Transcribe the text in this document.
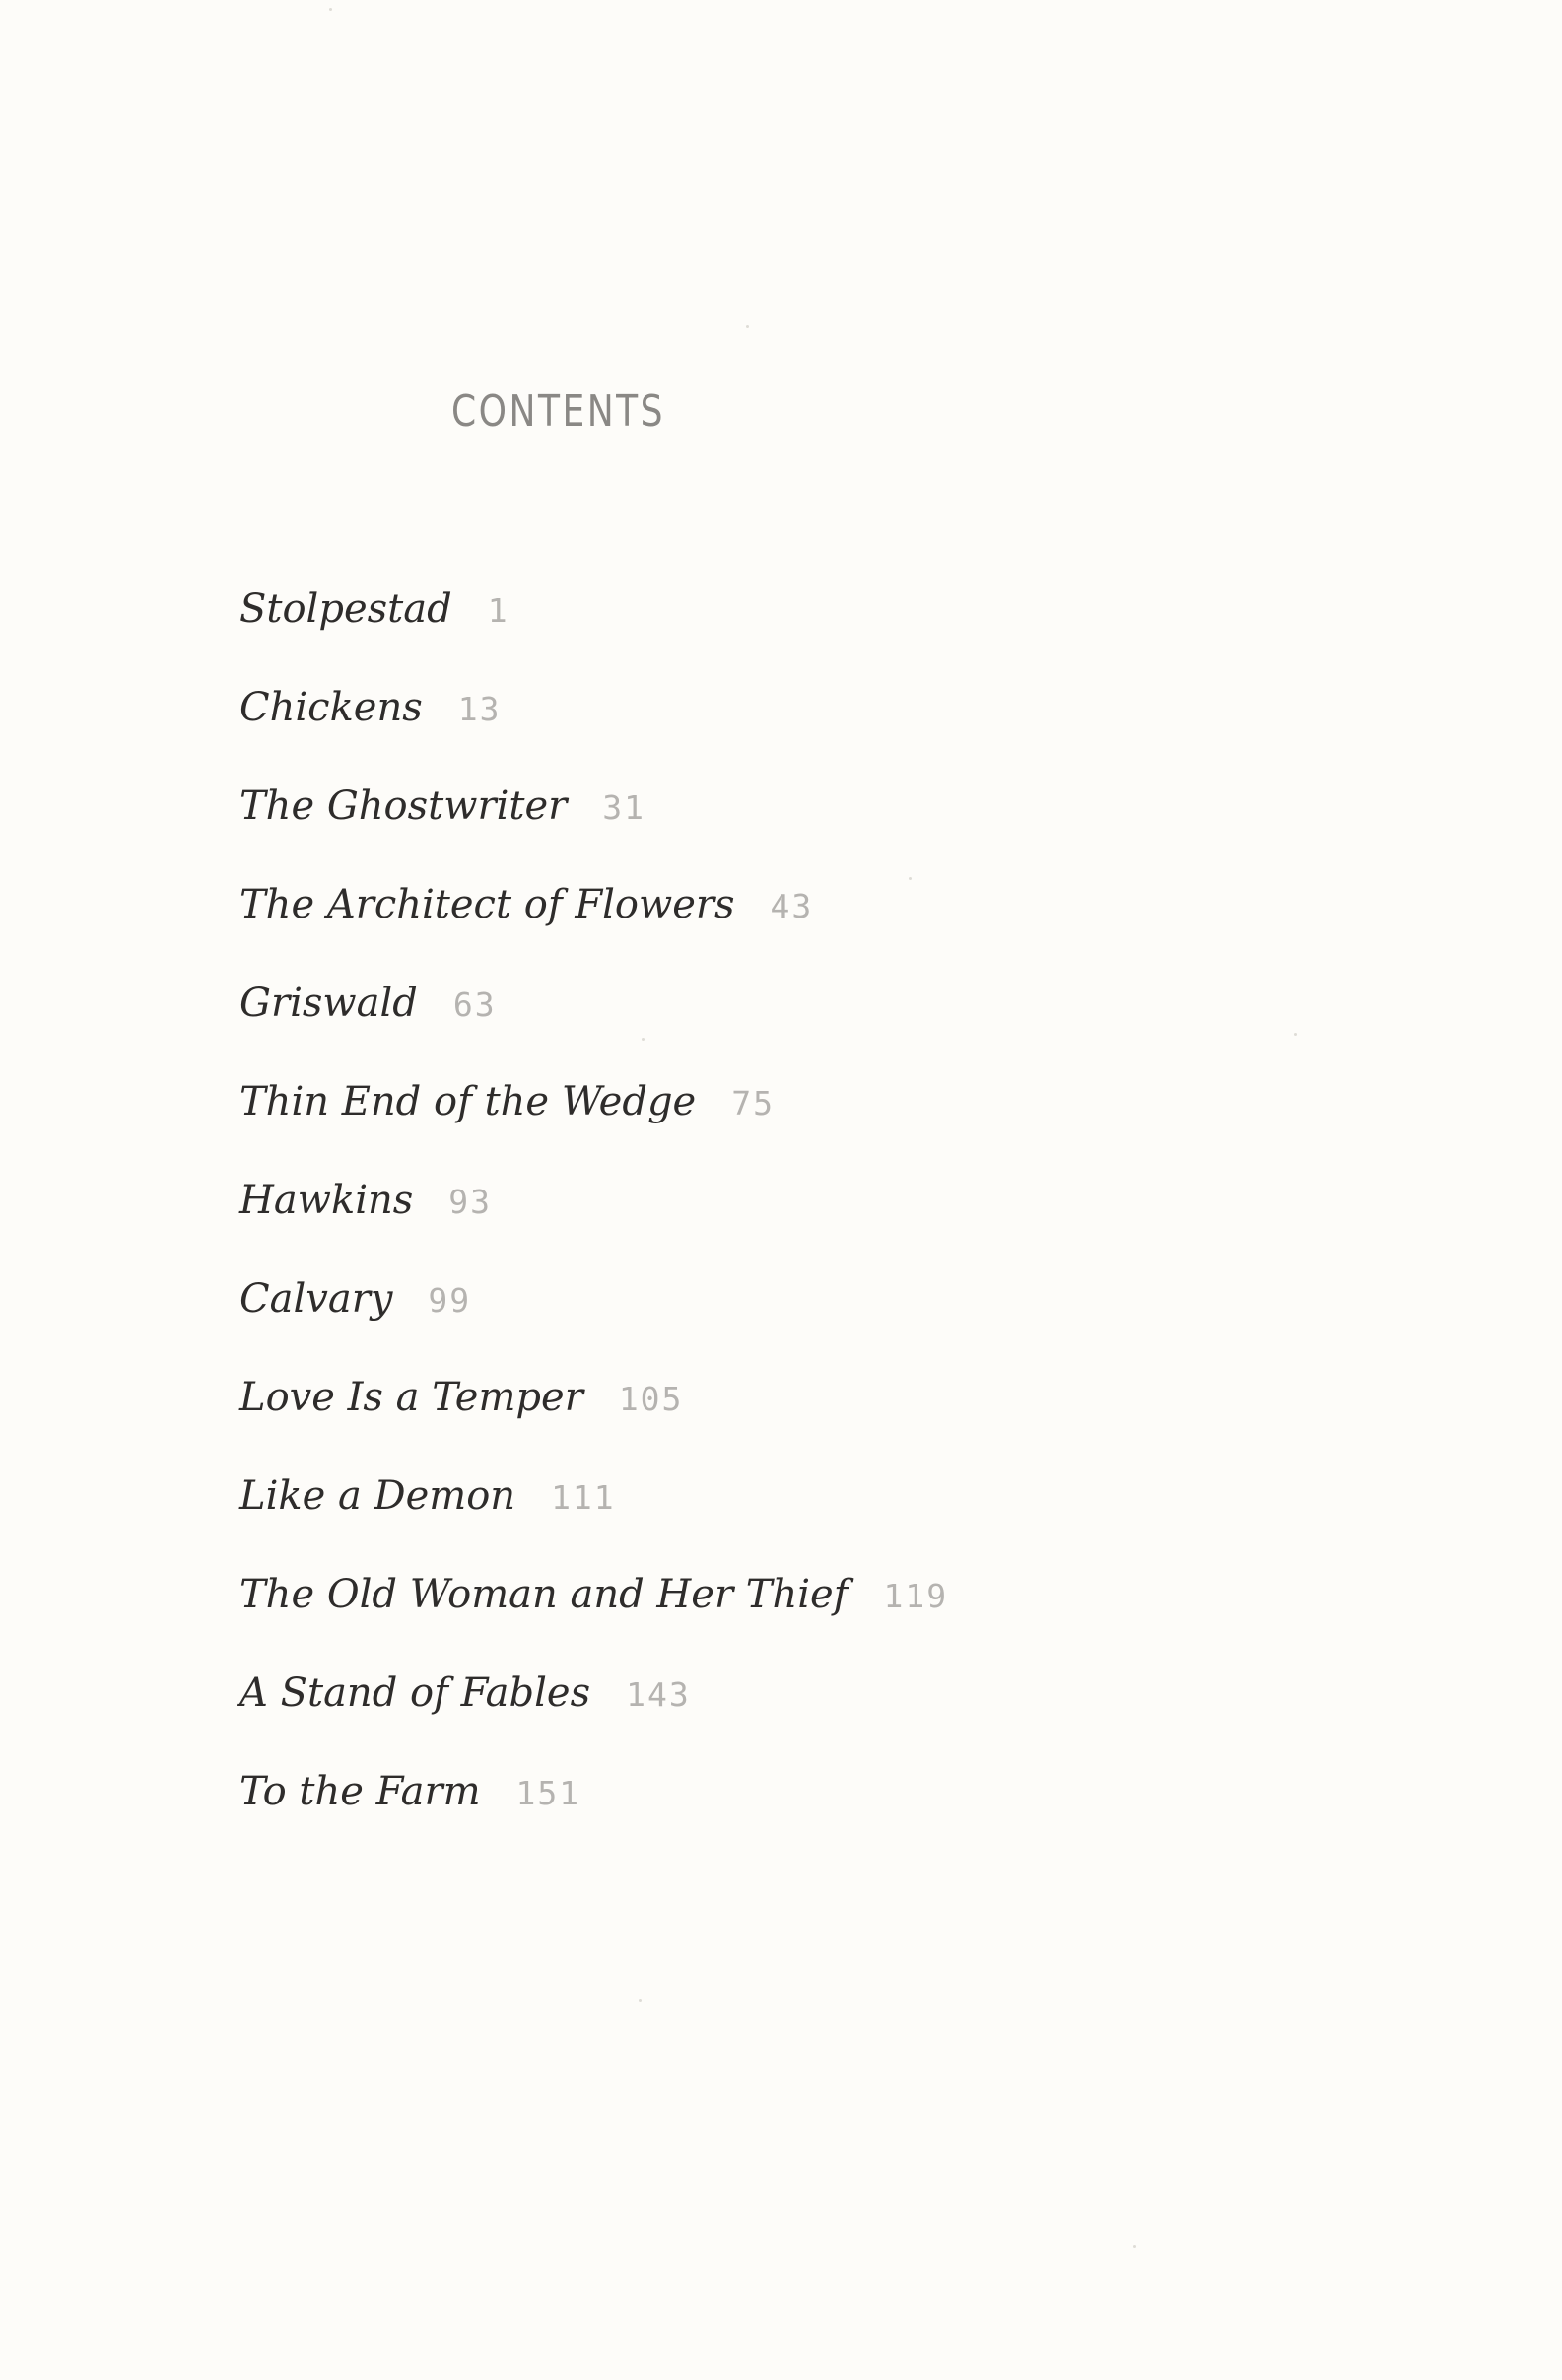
CONTENTS
Stolpestad 1
Chickens 13
The Ghostwriter 31
The Architect of Flowers 43
Griswald 63
Thin End of the Wedge 75
Hawkins 93
Calvary 99
Love Is a Temper 105
Like a Demon 111
The Old Woman and Her Thief 119
A Stand of Fables 143
To the Farm 151
